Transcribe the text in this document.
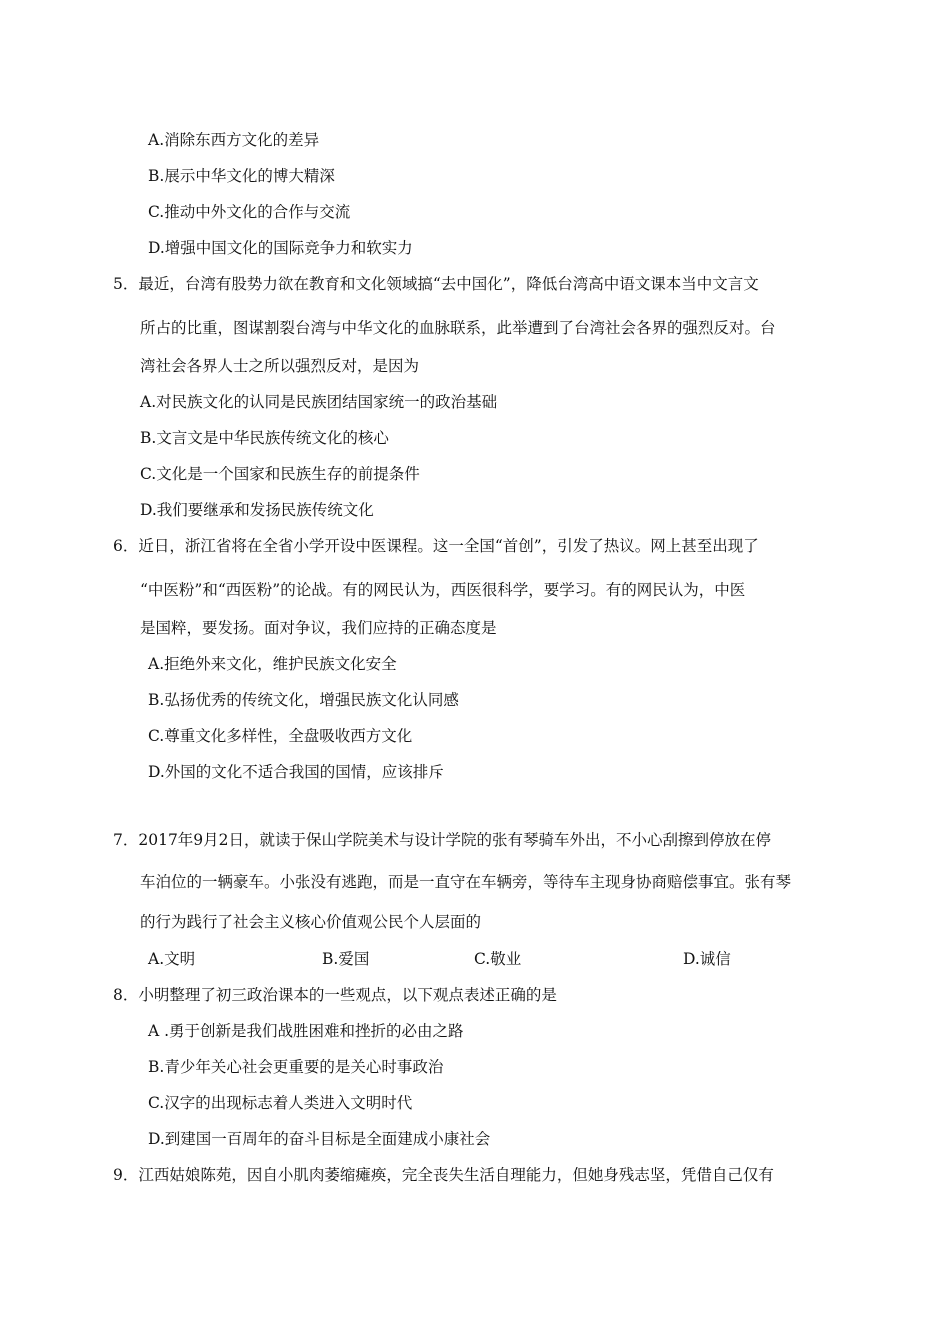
A.消除东西方文化的差异
B.展示中华文化的博大精深
C.推动中外文化的合作与交流
D.增强中国文化的国际竞争力和软实力
5．最近，台湾有股势力欲在教育和文化领域搞“去中国化”，降低台湾高中语文课本当中文言文
所占的比重，图谋割裂台湾与中华文化的血脉联系，此举遭到了台湾社会各界的强烈反对。台
湾社会各界人士之所以强烈反对，是因为
A.对民族文化的认同是民族团结国家统一的政治基础
B.文言文是中华民族传统文化的核心
C.文化是一个国家和民族生存的前提条件
D.我们要继承和发扬民族传统文化
6．近日，浙江省将在全省小学开设中医课程。这一全国“首创”，引发了热议。网上甚至出现了
“中医粉”和“西医粉”的论战。有的网民认为，西医很科学，要学习。有的网民认为，中医
是国粹，要发扬。面对争议，我们应持的正确态度是
A.拒绝外来文化，维护民族文化安全
B.弘扬优秀的传统文化，增强民族文化认同感
C.尊重文化多样性，全盘吸收西方文化
D.外国的文化不适合我国的国情，应该排斥
7．2017年9月2日，就读于保山学院美术与设计学院的张有琴骑车外出，不小心刮擦到停放在停
车泊位的一辆豪车。小张没有逃跑，而是一直守在车辆旁，等待车主现身协商赔偿事宜。张有琴
的行为践行了社会主义核心价值观公民个人层面的
A.文明	B.爱国	C.敬业	D.诚信
8．小明整理了初三政治课本的一些观点，以下观点表述正确的是
A .勇于创新是我们战胜困难和挫折的必由之路
B.青少年关心社会更重要的是关心时事政治
C.汉字的出现标志着人类进入文明时代
D.到建国一百周年的奋斗目标是全面建成小康社会
9．江西姑娘陈苑，因自小肌肉萎缩瘫痪，完全丧失生活自理能力，但她身残志坚，凭借自己仅有
